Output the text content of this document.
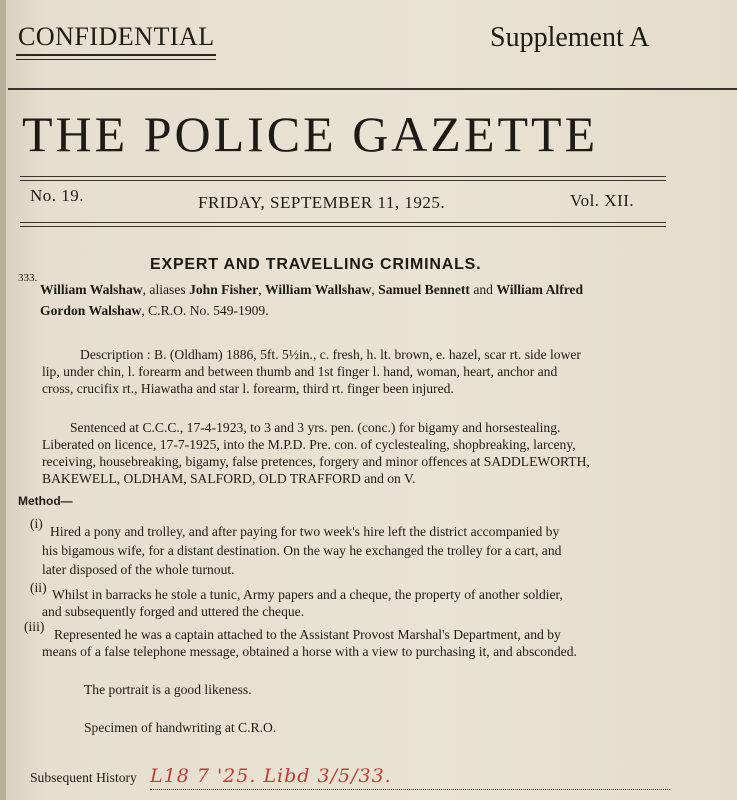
CONFIDENTIAL	Supplement A
THE POLICE GAZETTE
No. 19.	FRIDAY, SEPTEMBER 11, 1925.	Vol. XII.
EXPERT AND TRAVELLING CRIMINALS.
333.
William Walshaw, aliases John Fisher, William Wallshaw, Samuel Bennett and William Alfred
Gordon Walshaw, C.R.O. No. 549-1909.
Description : B. (Oldham) 1886, 5ft. 5½in., c. fresh, h. lt. brown, e. hazel, scar rt. side lower
lip, under chin, l. forearm and between thumb and 1st finger l. hand, woman, heart, anchor and
cross, crucifix rt., Hiawatha and star l. forearm, third rt. finger been injured.
Sentenced at C.C.C., 17-4-1923, to 3 and 3 yrs. pen. (conc.) for bigamy and horsestealing.
Liberated on licence, 17-7-1925, into the M.P.D. Pre. con. of cyclestealing, shopbreaking, larceny,
receiving, housebreaking, bigamy, false pretences, forgery and minor offences at SADDLEWORTH,
BAKEWELL, OLDHAM, SALFORD, OLD TRAFFORD and on V.
Method—
(i)
Hired a pony and trolley, and after paying for two week's hire left the district accompanied by
his bigamous wife, for a distant destination. On the way he exchanged the trolley for a cart, and
later disposed of the whole turnout.
(ii) Whilst in barracks he stole a tunic, Army papers and a cheque, the property of another soldier,
and subsequently forged and uttered the cheque.
(iii)
Represented he was a captain attached to the Assistant Provost Marshal's Department, and by
means of a false telephone message, obtained a horse with a view to purchasing it, and absconded.
The portrait is a good likeness.
Specimen of handwriting at C.R.O.
Subsequent History L18 7 '25. Libd 3/5/33.
